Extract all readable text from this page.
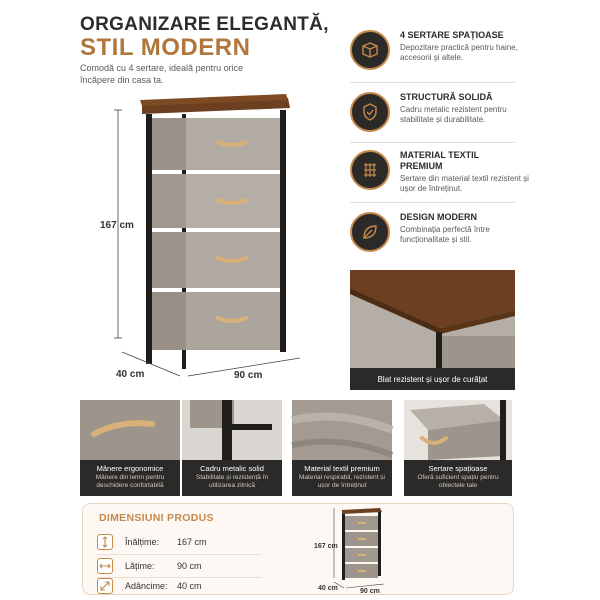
ORGANIZARE ELEGANTĂ,
STIL MODERN
Comodă cu 4 sertare, ideală pentru orice încăpere din casa ta.
167 cm
40 cm	90 cm
4 SERTARE SPAȚIOASE
Depozitare practică pentru haine, accesorii și altele.
STRUCTURĂ SOLIDĂ
Cadru metalic rezistent pentru stabilitate și durabilitate.
MATERIAL TEXTIL PREMIUM
Sertare din material textil rezistent și ușor de întreținut.
DESIGN MODERN
Combinația perfectă între funcționalitate și stil.
Blat rezistent și ușor de curățat
Mânere ergonomice
Mânere din lemn pentru deschidere confortabilă
Cadru metalic solid
Stabilitate și rezistență în utilizarea zilnică
Material textil premium
Material respirabil, rezistent și ușor de întreținut
Sertare spațioase
Oferă suficient spațiu pentru obiectele tale
DIMENSIUNI PRODUS
Înălțime: 167 cm
Lățime: 90 cm
Adâncime: 40 cm
167 cm
40 cm	90 cm
